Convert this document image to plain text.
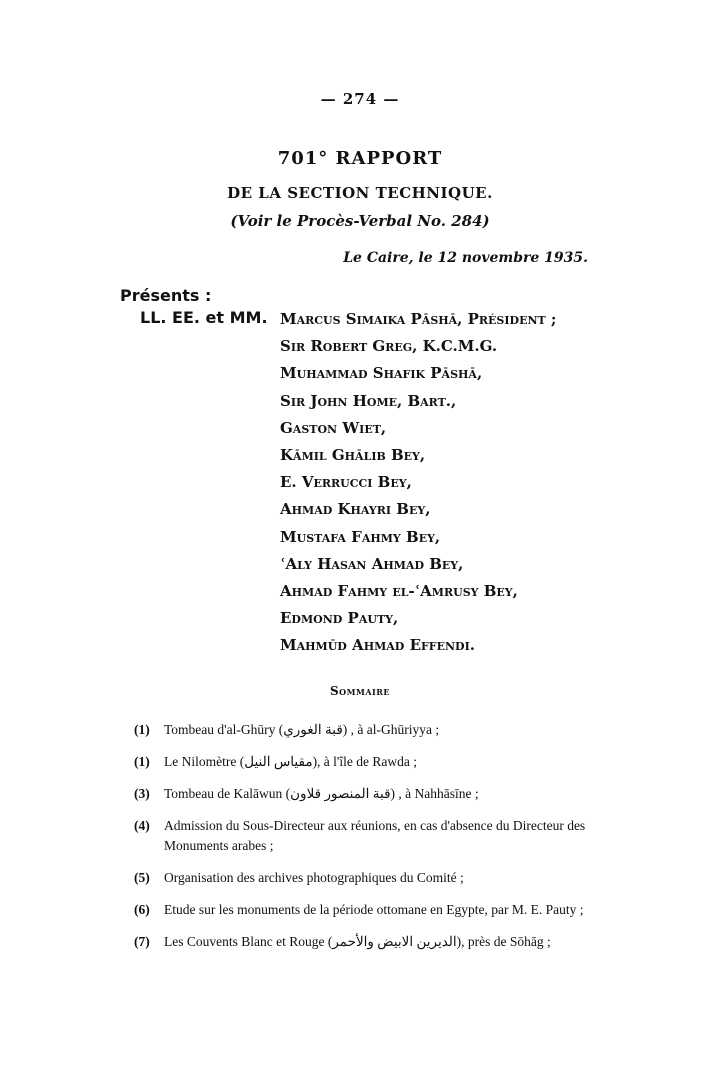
— 274 —
701° RAPPORT
DE LA SECTION TECHNIQUE.
(Voir le Procès-Verbal No. 284)
Le Caire, le 12 novembre 1935.
Présents :
LL. EE. et MM. Marcus Simaika Pāshā, Président ;
Sir Robert Greg, K.C.M.G.
Muhammad Shafik Pāshā,
Sir John Home, Bart.,
Gaston Wiet,
Kāmil Ghālib Bey,
E. Verrucci Bey,
Ahmad Khayri Bey,
Mustafa Fahmy Bey,
ʿAly Hasan Ahmad Bey,
Ahmad Fahmy el-ʿAmrusy Bey,
Edmond Pauty,
Mahmūd Ahmad Effendi.
Sommaire
(1)	Tombeau d'al-Ghūry (قبة الغوري) , à al-Ghūriyya ;
(1)	Le Nilomètre (مقياس النيل), à l'île de Rawda ;
(3)	Tombeau de Kalāwun (قبة المنصور قلاون) , à Nahhāsīne ;
(4)	Admission du Sous-Directeur aux réunions, en cas d'absence du Directeur des Monuments arabes ;
(5)	Organisation des archives photographiques du Comité ;
(6)	Etude sur les monuments de la période ottomane en Egypte, par M. E. Pauty ;
(7)	Les Couvents Blanc et Rouge (الديرين الابيض والأحمر), près de Sōhāg ;
